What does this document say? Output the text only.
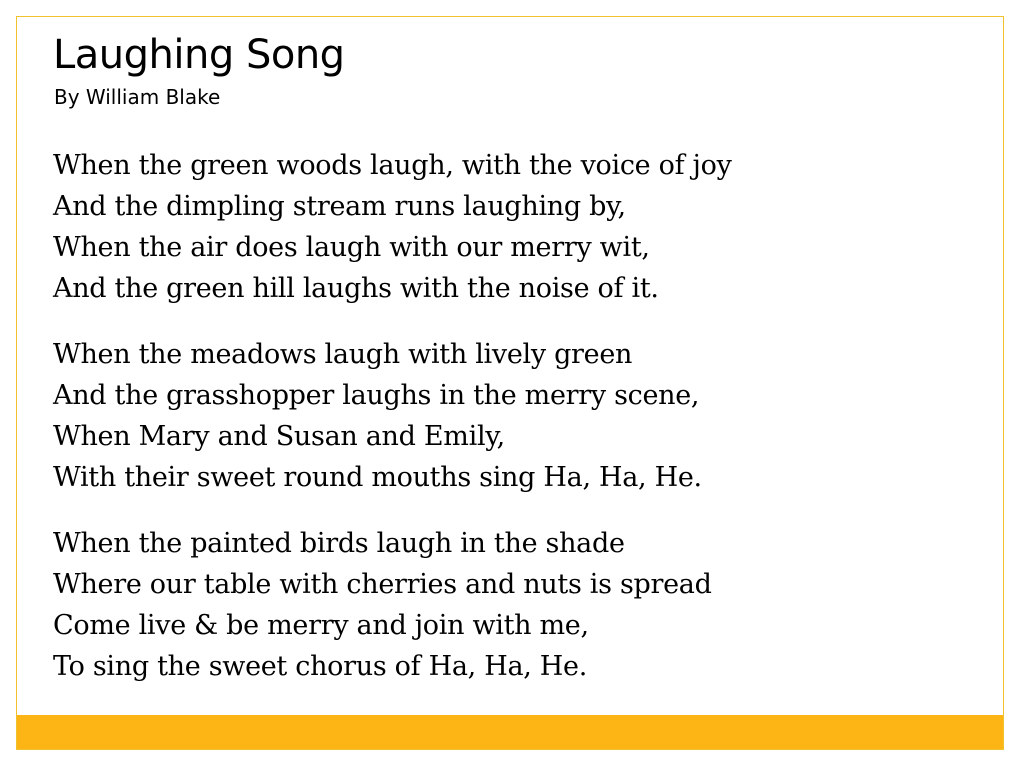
Laughing Song

By William Blake

When the green woods laugh, with the voice of joy
And the dimpling stream runs laughing by,
When the air does laugh with our merry wit,
And the green hill laughs with the noise of it.
When the meadows laugh with lively green
And the grasshopper laughs in the merry scene,
When Mary and Susan and Emily,
With their sweet round mouths sing Ha, Ha, He.
When the painted birds laugh in the shade
Where our table with cherries and nuts is spread
Come live & be merry and join with me,
To sing the sweet chorus of Ha, Ha, He.
